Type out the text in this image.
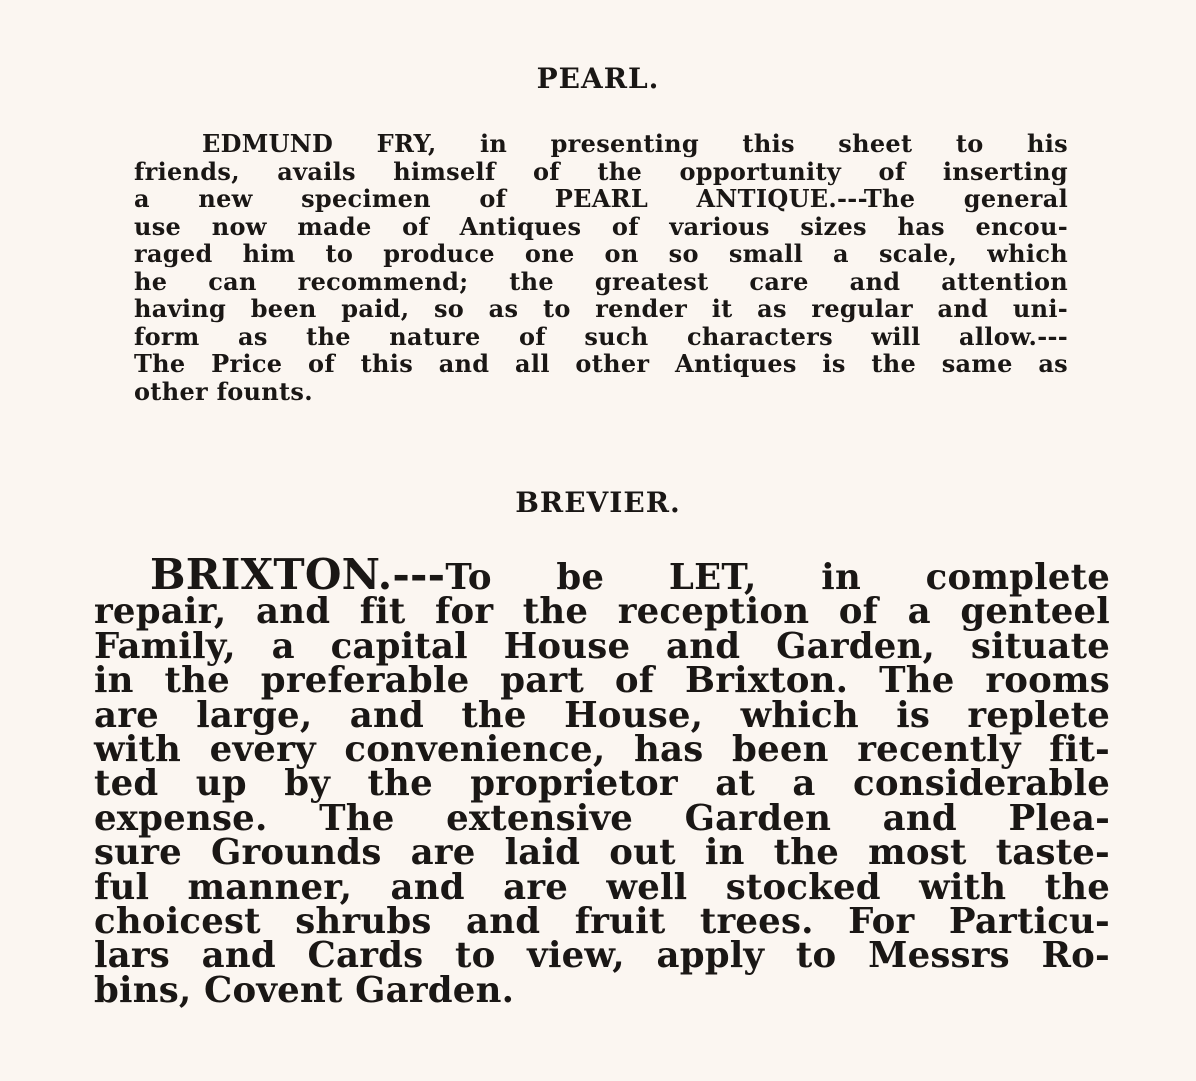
PEARL.
EDMUND FRY, in presenting this sheet to his
friends, avails himself of the opportunity of inserting
a new specimen of PEARL ANTIQUE.---The general
use now made of Antiques of various sizes has encou-
raged him to produce one on so small a scale, which
he can recommend; the greatest care and attention
having been paid, so as to render it as regular and uni-
form as the nature of such characters will allow.---
The Price of this and all other Antiques is the same as
other founts.
BREVIER.
BRIXTON.---To be LET, in complete
repair, and fit for the reception of a genteel
Family, a capital House and Garden, situate
in the preferable part of Brixton. The rooms
are large, and the House, which is replete
with every convenience, has been recently fit-
ted up by the proprietor at a considerable
expense. The extensive Garden and Plea-
sure Grounds are laid out in the most taste-
ful manner, and are well stocked with the
choicest shrubs and fruit trees. For Particu-
lars and Cards to view, apply to Messrs Ro-
bins, Covent Garden.
